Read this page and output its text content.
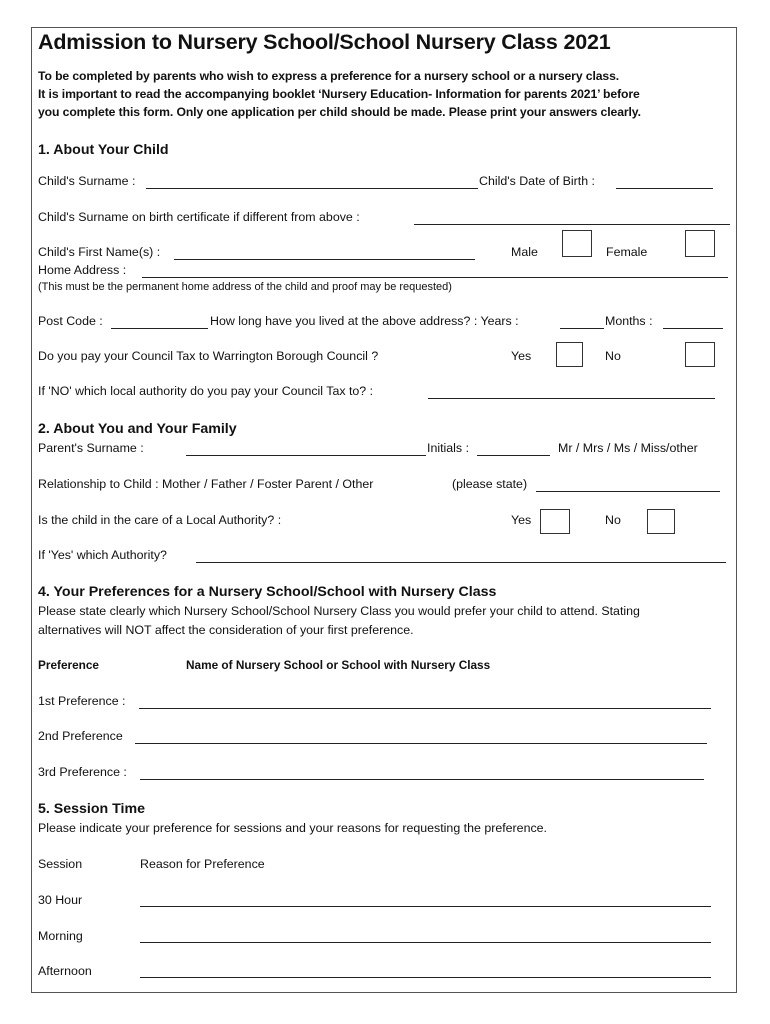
Admission to Nursery School/School Nursery Class 2021
To be completed by parents who wish to express a preference for a nursery school or a nursery class.
It is important to read the accompanying booklet ‘Nursery Education- Information for parents 2021’ before
you complete this form. Only one application per child should be made. Please print your answers clearly.
1. About Your Child
Child's Surname :	Child's Date of Birth :
Child's Surname on birth certificate if different from above :
Child's First Name(s) :	Male	Female
Home Address :
(This must be the permanent home address of the child and proof may be requested)
Post Code :	How long have you lived at the above address? : Years :	Months :
Do you pay your Council Tax to Warrington Borough Council ?	Yes	No
If 'NO' which local authority do you pay your Council Tax to? :
2. About You and Your Family
Parent's Surname :	Initials :	Mr / Mrs / Ms / Miss/other
Relationship to Child : Mother / Father / Foster Parent / Other	(please state)
Is the child in the care of a Local Authority? :	Yes	No
If 'Yes' which Authority?
4. Your Preferences for a Nursery School/School with Nursery Class
Please state clearly which Nursery School/School Nursery Class you would prefer your child to attend. Stating
alternatives will NOT affect the consideration of your first preference.
Preference	Name of Nursery School or School with Nursery Class
1st Preference :
2nd Preference
3rd Preference :
5. Session Time
Please indicate your preference for sessions and your reasons for requesting the preference.
Session	Reason for Preference
30 Hour
Morning
Afternoon
